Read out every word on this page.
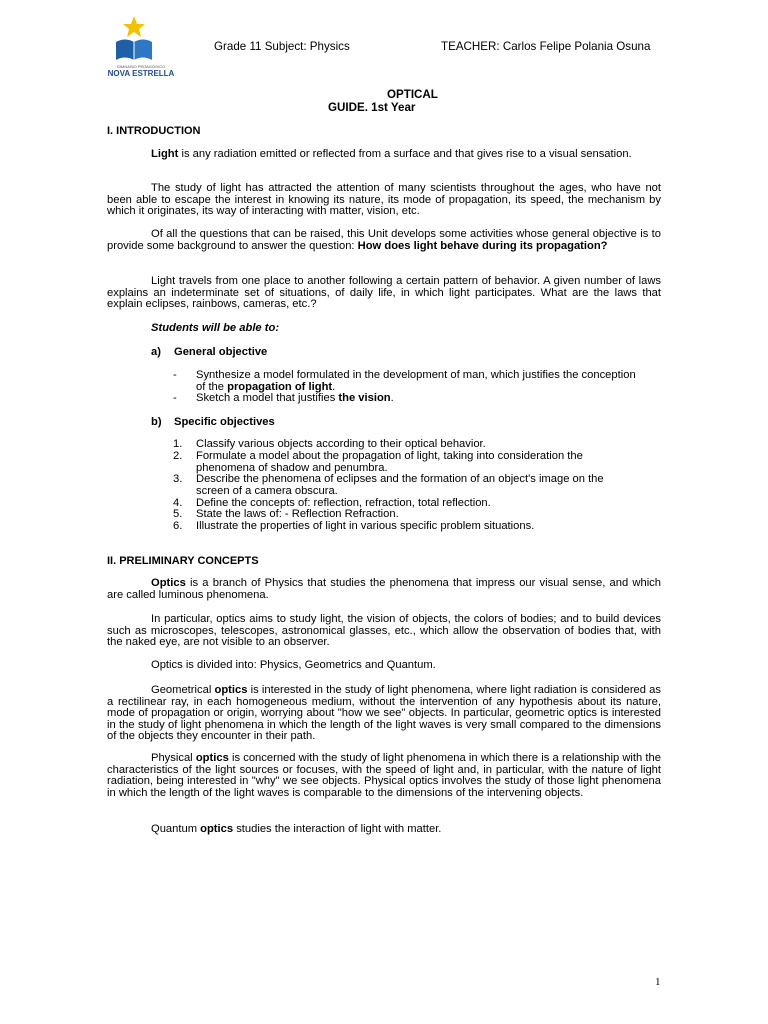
GIMNASIO PEDAGÓGICO
NOVA ESTRELLA
Grade 11 Subject: Physics	TEACHER: Carlos Felipe Polania Osuna
OPTICAL
GUIDE. 1st Year
I. INTRODUCTION

Light is any radiation emitted or reflected from a surface and that gives rise to a visual sensation.

The study of light has attracted the attention of many scientists throughout the ages, who have not been able to escape the interest in knowing its nature, its mode of propagation, its speed, the mechanism by which it originates, its way of interacting with matter, vision, etc.

Of all the questions that can be raised, this Unit develops some activities whose general objective is to provide some background to answer the question: How does light behave during its propagation?

Light travels from one place to another following a certain pattern of behavior. A given number of laws explains an indeterminate set of situations, of daily life, in which light participates. What are the laws that explain eclipses, rainbows, cameras, etc.?

Students will be able to:
a) General objective
- Synthesize a model formulated in the development of man, which justifies the conception of the propagation of light.
- Sketch a model that justifies the vision.
b) Specific objectives
1. Classify various objects according to their optical behavior.
2. Formulate a model about the propagation of light, taking into consideration the phenomena of shadow and penumbra.
3. Describe the phenomena of eclipses and the formation of an object's image on the screen of a camera obscura.
4. Define the concepts of: reflection, refraction, total reflection.
5. State the laws of: - Reflection Refraction.
6. Illustrate the properties of light in various specific problem situations.
II. PRELIMINARY CONCEPTS

Optics is a branch of Physics that studies the phenomena that impress our visual sense, and which are called luminous phenomena.

In particular, optics aims to study light, the vision of objects, the colors of bodies; and to build devices such as microscopes, telescopes, astronomical glasses, etc., which allow the observation of bodies that, with the naked eye, are not visible to an observer.

Optics is divided into: Physics, Geometrics and Quantum.

Geometrical optics is interested in the study of light phenomena, where light radiation is considered as a rectilinear ray, in each homogeneous medium, without the intervention of any hypothesis about its nature, mode of propagation or origin, worrying about "how we see" objects. In particular, geometric optics is interested in the study of light phenomena in which the length of the light waves is very small compared to the dimensions of the objects they encounter in their path.

Physical optics is concerned with the study of light phenomena in which there is a relationship with the characteristics of the light sources or focuses, with the speed of light and, in particular, with the nature of light radiation, being interested in "why" we see objects. Physical optics involves the study of those light phenomena in which the length of the light waves is comparable to the dimensions of the intervening objects.

Quantum optics studies the interaction of light with matter.

1
